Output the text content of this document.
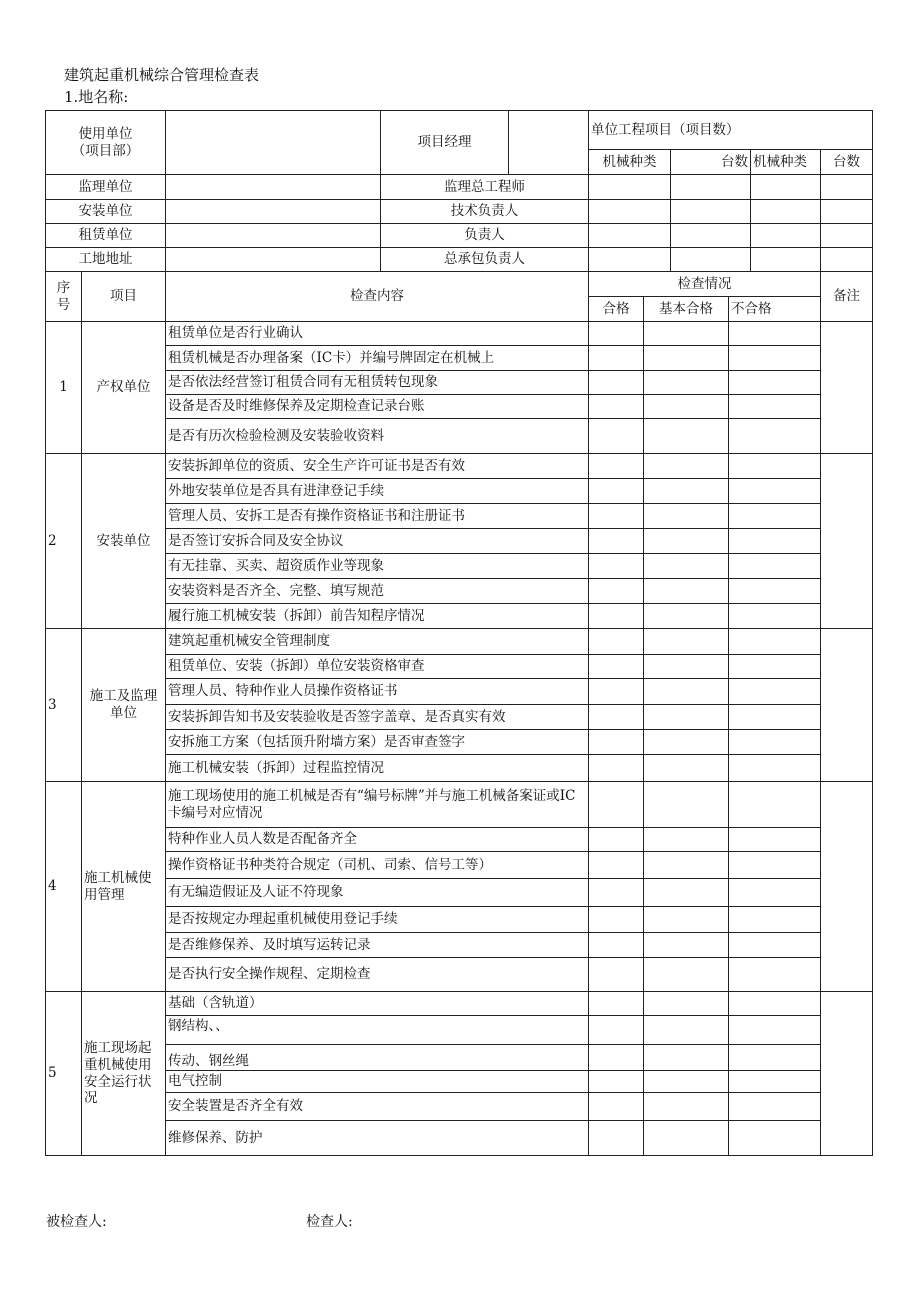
建筑起重机械综合管理检查表
1.地名称:
使用单位
（项目部）			项目经理		单位工程项目（项目数）					
					机械种类		台数		机械种类	台数
监理单位			监理总工程师							
安装单位			技术负责人							
租赁单位			负责人							
工地地址			总承包负责人							

序
号	项目	检查内容			检查情况					备注
					合格	基本合格		不合格		
1	产权单位	租赁单位是否行业确认								
		租赁机械是否办理备案（IC卡）并编号牌固定在机械上								
		是否依法经营签订租赁合同有无租赁转包现象								
		设备是否及时维修保养及定期检查记录台账								
		是否有历次检验检测及安装验收资料								
2	安装单位	安装拆卸单位的资质、安全生产许可证书是否有效								
		外地安装单位是否具有进津登记手续								
		管理人员、安拆工是否有操作资格证书和注册证书								
		是否签订安拆合同及安全协议								
		有无挂靠、买卖、超资质作业等现象								
		安装资料是否齐全、完整、填写规范								
		履行施工机械安装（拆卸）前告知程序情况								
3	施工及监理单位	建筑起重机械安全管理制度								
		租赁单位、安装（拆卸）单位安装资格审查								
		管理人员、特种作业人员操作资格证书								
		安装拆卸告知书及安装验收是否签字盖章、是否真实有效								
		安拆施工方案（包括顶升附墙方案）是否审查签字								
		施工机械安装（拆卸）过程监控情况								
4	施工机械使用管理	施工现场使用的施工机械是否有“编号标牌”并与施工机械备案证或IC卡编号对应情况								
		特种作业人员人数是否配备齐全								
		操作资格证书种类符合规定（司机、司索、信号工等）								
		有无编造假证及人证不符现象								
		是否按规定办理起重机械使用登记手续								
		是否维修保养、及时填写运转记录								
		是否执行安全操作规程、定期检查								
5	施工现场起重机械使用安全运行状况	基础（含轨道）								
		钢结构、、								
		传动、钢丝绳								
		电气控制								
		安全装置是否齐全有效								
		维修保养、防护								
被检查人:	检查人:
